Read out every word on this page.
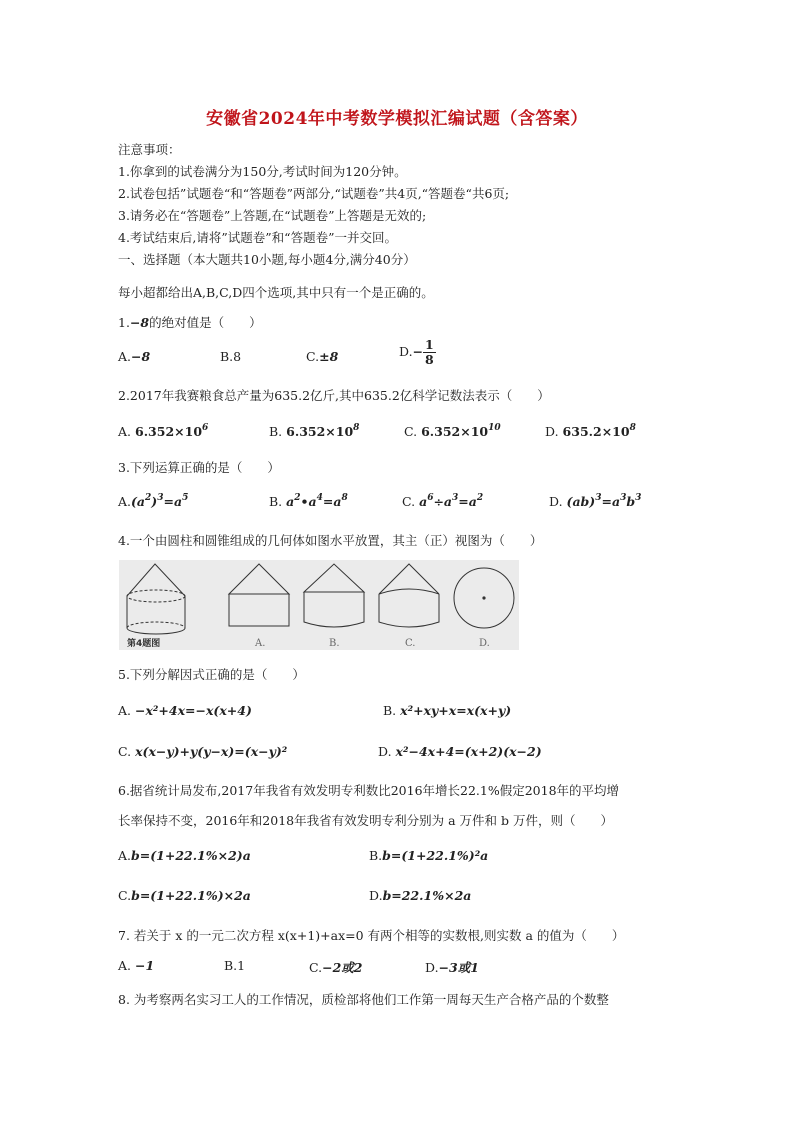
安徽省2024年中考数学模拟汇编试题（含答案）
注意事项：
1.你拿到的试卷满分为150分,考试时间为120分钟。
2.试卷包括”试题卷“和“答题卷”两部分,“试题卷”共4页,“答题卷“共6页;
3.请务必在“答题卷”上答题,在“试题卷”上答题是无效的;
4.考试结束后,请将”试题卷”和“答题卷”一并交回。
一、选择题（本大题共10小题,每小题4分,满分40分）
每小超都给出A,B,C,D四个选项,其中只有一个是正确的。
1.−8的绝对值是（　　）
A.−8	B.8	C.±8	$D.- \frac{1}{8}$
2.2017年我赛粮食总产量为635.2亿斤,其中635.2亿科学记数法表示（　　）
A. $6.352\times 10^6$	B. $6.352\times 10^8$	C. $6.352\times 10^{10}$	D. $635.2\times 10^8$
3.下列运算正确的是（　　）
$A.(a^2)^3=a^5$	B. $a^2•a^4=a^8$	C. $a^6\div a^3=a^2$	D. $(ab)^3=a^3b^3$
4.一个由圆柱和圆锥组成的几何体如图水平放置，其主（正）视图为（　　）
第4题图	A.	B.	C.	D.
5.下列分解因式正确的是（　　）
A. −x²+4x=−x(x+4)	B. x²+xy+x=x(x+y)
C. x(x−y)+y(y−x)=(x−y)²	D. x²−4x+4=(x+2)(x−2)
6.据省统计局发布,2017年我省有效发明专利数比2016年增长22.1%假定2018年的平均增
长率保持不变，2016年和2018年我省有效发明专利分别为 a 万件和 b 万件，则（　　）
A.b=(1+22.1%×2)a	B.b=(1+22.1%)²a
C.b=(1+22.1%)×2a	D.b=22.1%×2a
7. 若关于 x 的一元二次方程 x(x+1)+ax=0 有两个相等的实数根,则实数 a 的值为（　　）
A. −1	B.1	C.−2或2	D.−3或1
8. 为考察两名实习工人的工作情况，质检部将他们工作第一周每天生产合格产品的个数整
